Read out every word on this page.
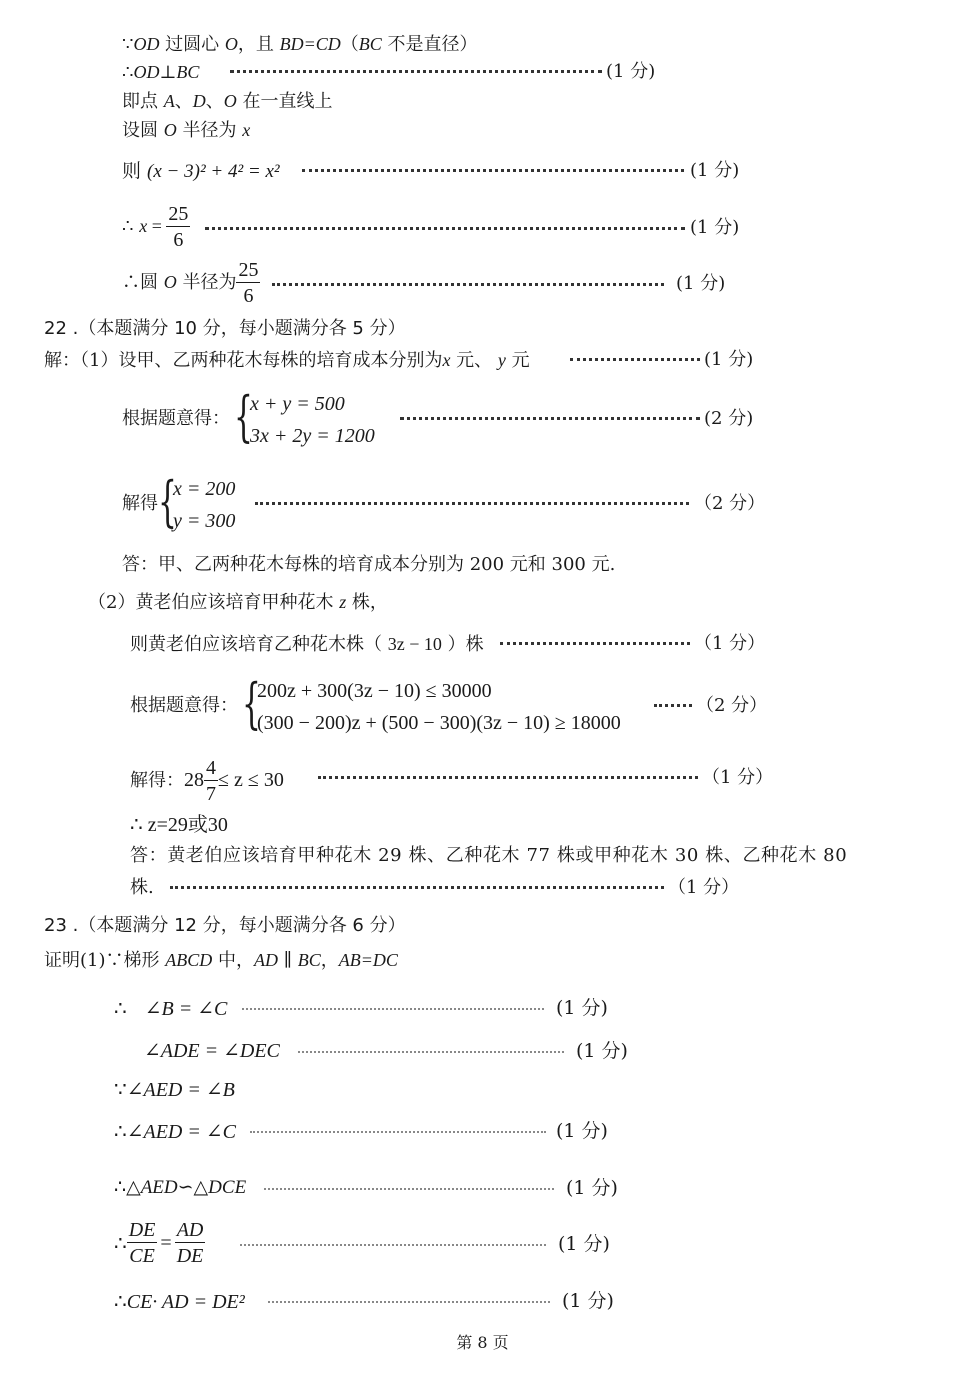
∵OD 过圆心 O，且 BD=CD（BC 不是直径）
∴OD⊥BC	(1 分)
即点 A、D、O 在一直线上
设圆 O 半径为 x
则 (x − 3)² + 4² = x²	(1 分)
∴ $x = \frac{25}{6}$	(1 分)
∴圆 O 半径为 $\frac{25}{6}$	(1 分)
22 .（本题满分 10 分，每小题满分各 5 分）
解：（1）设甲、乙两种花木每株的培育成本分别为x 元、 y 元	(1 分)
根据题意得： {
x + y = 500
3x + 2y = 1200
(2 分)
解得 {
x = 200
y = 300
（2 分）
答：甲、乙两种花木每株的培育成本分别为 200 元和 300 元.
（2）黄老伯应该培育甲种花木 z 株，
则黄老伯应该培育乙种花木株（ 3z − 10 ）株	（1 分）
根据题意得： {
200z + 300(3z − 10) ≤ 30000
(300 − 200)z + (500 − 300)(3z − 10) ≥ 18000
（2 分）
解得：$28 \frac{4}{7} \le z \le 30$	（1 分）
∴ z=29或30
答：黄老伯应该培育甲种花木 29 株、乙种花木 77 株或甲种花木 30 株、乙种花木 80
株.	（1 分）
23 .（本题满分 12 分，每小题满分各 6 分）
证明(1)∵梯形 ABCD 中，AD ∥ BC，AB=DC
∴ ∠B = ∠C	(1 分)
∠ADE = ∠DEC	(1 分)
∵∠AED = ∠B
∴∠AED = ∠C	(1 分)
∴△AED∽△DCE	(1 分)
∴ $\frac{DE}{CE} = \frac{AD}{DE}$	(1 分)
∴CE· AD = DE²	(1 分)
第 8 页
